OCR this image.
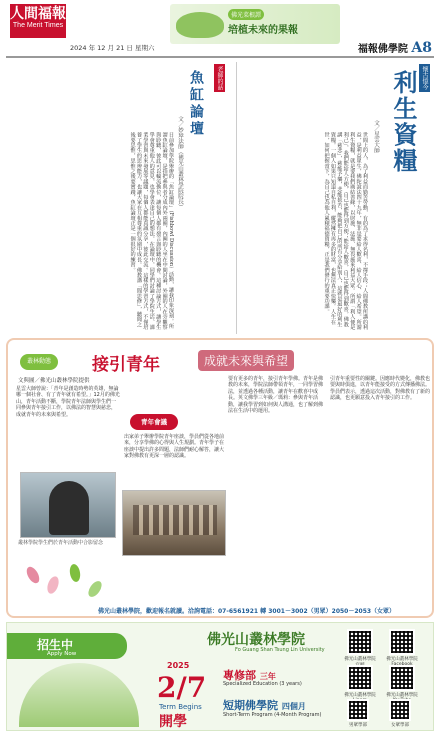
人間福報
The Merit Times
2024 年 12 月 21 日 星期六
佛光菜根譚
培植未來的果報
福報佛學院 A8
懷古憶今
利生資糧
文／星雲大師
世間上的人，為了利益而勤苦勞動，有的為了求得名利，不擇手段；人間佛教所講的利益，是利益眾生，佛陀說法四十九年，無非是要給人歡喜、給人信心、給人希望。所謂利生資糧，就是要我們廣結善緣，以財施、法施、無畏施來利益大眾。所謂「利人便是利己」，我們能給人方便，自己也能得到方便；能給人歡喜，自己也能得到歡喜。佛教講「慈悲」，慈能予樂，悲能拔苦，能夠把自己的所有分享給別人，這就是最好的利生資糧。一個人如果只知道自私自利，縱然擁有再多的財富，也無法真正快樂。人生在世，如何把握當下，為自己也為他人累積福德資糧，正是我們修行的重要功課。
老師的話
魚缸論壇
文／妙璋法師（佛光山叢林學院院長）
日前參加學院舉辦的「魚缸論壇」（Fishbowl Discussion）活動，讓我印象深刻。所謂魚缸論壇，是指把參與者分成內外兩圈，內圈的人坐在中間討論，外圈的人在旁觀察與聆聽，彼此可以輪流換位，讓每個人都有發言與聆聽的機會。這種討論方式，讓學生學會尊重他人的意見，也學會表達自己的想法。在論壇中，同學們討論了學院生活、課業學習與未來發展等議題，每個人都能真誠分享，彼此交流。這樣的學習方式，不僅培養了學生的思辨能力，也讓大家在互相尊重的氛圍中成長。佛教講「聞思修」，聽聞之後要思惟，思惟之後要實踐，魚缸論壇正是一個很好的練習。
叢林動態	接引青年	成就未來與希望
文與圖／佛光山叢林學院提供
星雲大師曾說：「青年是創造時勢的英雄，無論哪一個社會、有了青年就有希望。」12月的佛光山，青年活動不斷，學院青年法師與學生們一同參與青年接引工作，以佛法的智慧與慈悲，成就青年的未來與希望。
青年會議
出家弟子舉辦學院青年座談，學員們從各地前來，分享學佛的心得與人生規劃。青年學子在座談中提出許多問題，法師們耐心解答，讓大家對佛教有更深一層的認識。
要有更多的青年，接引青年學佛。青年是佛教的未來，學院法師帶領青年，一同學習佛法，並透過各種活動，讓青年在歡喜中成長。英文佛學三年級／瑪莉：參與青年活動，讓我學習到如何與人溝通，也了解到佛法在生活中的運用。
引青年重要性的關鍵。因應時代變化，佛教也要與時俱進，以青年能接受的方式傳播佛法。學員們表示，透過這次活動，對佛教有了新的認識，也更願意投入青年接引的工作。
叢林學院學生們於青年活動中合影留念
佛光山叢林學院，歡迎報名就讀。洽詢電話：07-6561921 轉 3001－3002（男眾）2050－2053（女眾）
招生中
Apply Now
2025
2/7
Term Begins
開學
佛光山叢林學院
Fo Guang Shan Tsung Lin University
專修部 三年
Specialized Education (3 years)
短期佛學院 四個月
Short-Term Program (4-Month Program)
佛光山叢林學院 佛光山叢林學院
佛光山叢林學院 佛光山叢林學院
男眾學部	女眾學部
